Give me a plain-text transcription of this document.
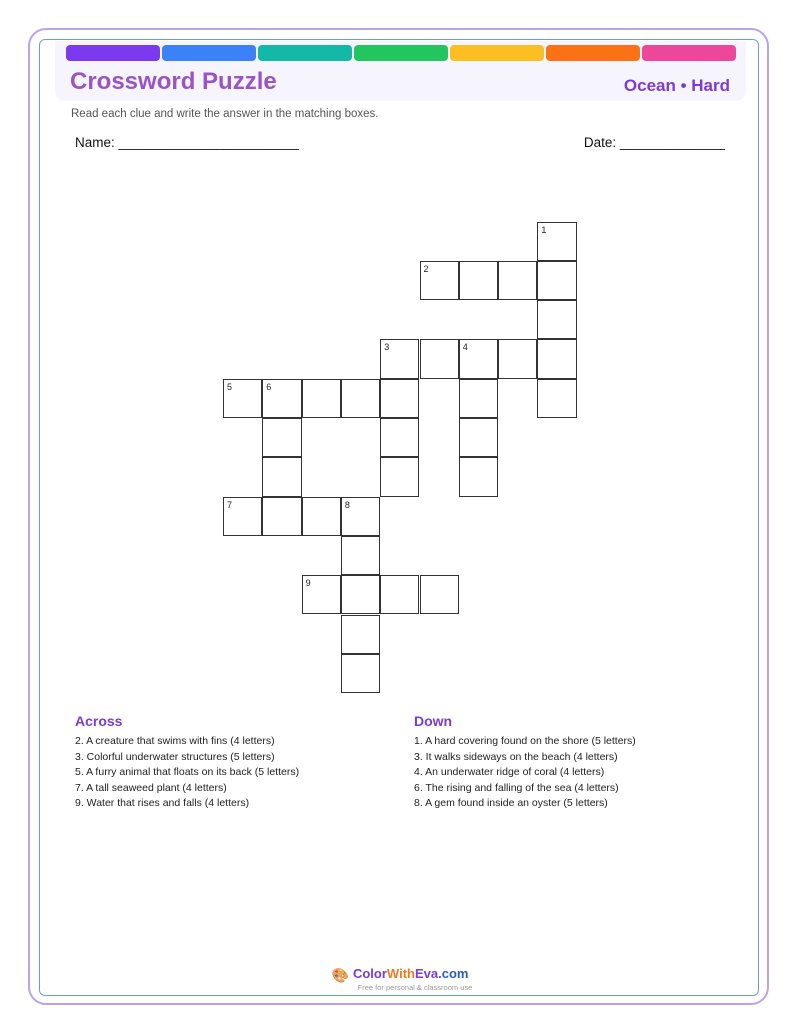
Crossword Puzzle	Ocean • Hard
Read each clue and write the answer in the matching boxes.
Name: ________________________	Date: ______________
1
2
3	4
5	6
7	8
9
Across
2. A creature that swims with fins (4 letters)
3. Colorful underwater structures (5 letters)
5. A furry animal that floats on its back (5 letters)
7. A tall seaweed plant (4 letters)
9. Water that rises and falls (4 letters)
Down
1. A hard covering found on the shore (5 letters)
3. It walks sideways on the beach (4 letters)
4. An underwater ridge of coral (4 letters)
6. The rising and falling of the sea (4 letters)
8. A gem found inside an oyster (5 letters)
🎨 ColorWithEva.com
Free for personal & classroom use
